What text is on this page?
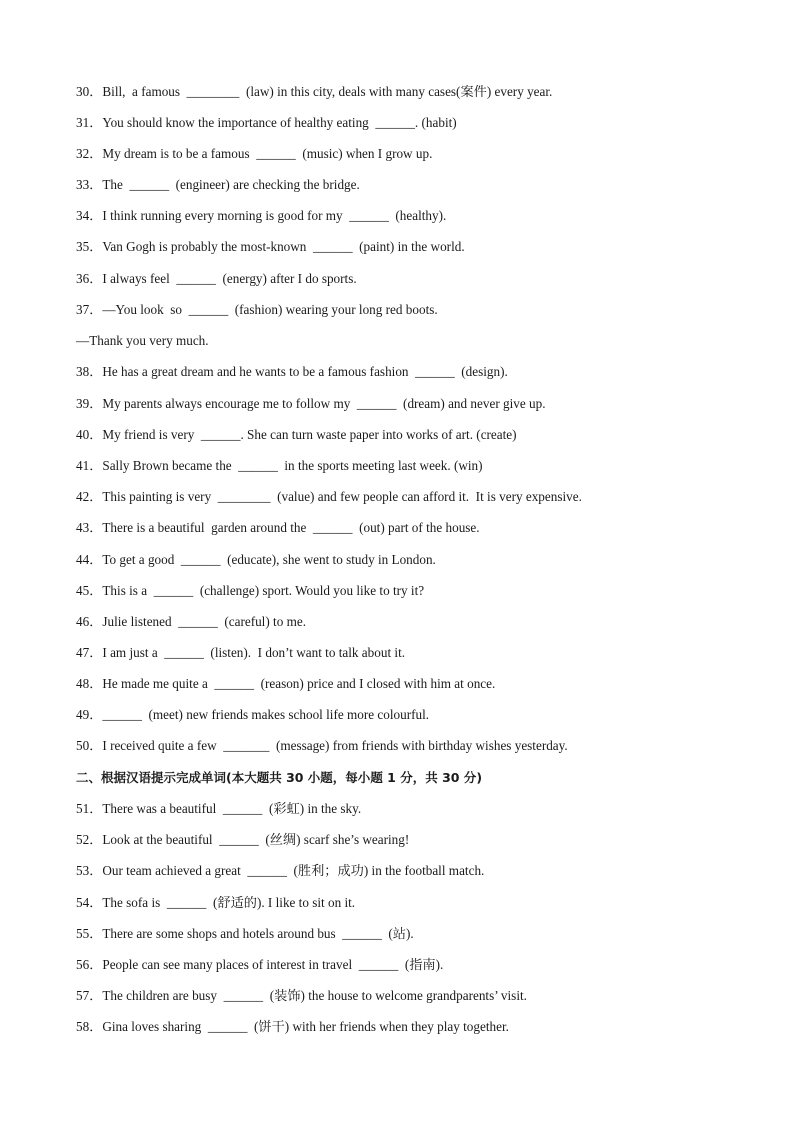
30．Bill,  a famous  ________  (law) in this city, deals with many cases(案件) every year.
31．You should know the importance of healthy eating  ______. (habit)
32．My dream is to be a famous  ______  (music) when I grow up.
33．The  ______  (engineer) are checking the bridge.
34．I think running every morning is good for my  ______  (healthy).
35．Van Gogh is probably the most-known  ______  (paint) in the world.
36．I always feel  ______  (energy) after I do sports.
37．—You look  so  ______  (fashion) wearing your long red boots.
—Thank you very much.
38．He has a great dream and he wants to be a famous fashion  ______  (design).
39．My parents always encourage me to follow my  ______  (dream) and never give up.
40．My friend is very  ______. She can turn waste paper into works of art. (create)
41．Sally Brown became the  ______  in the sports meeting last week. (win)
42．This painting is very  ________  (value) and few people can afford it.  It is very expensive.
43．There is a beautiful  garden around the  ______  (out) part of the house.
44．To get a good  ______  (educate), she went to study in London.
45．This is a  ______  (challenge) sport. Would you like to try it?
46．Julie listened  ______  (careful) to me.
47．I am just a  ______  (listen).  I don’t want to talk about it.
48．He made me quite a  ______  (reason) price and I closed with him at once.
49．______  (meet) new friends makes school life more colourful.
50．I received quite a few  _______  (message) from friends with birthday wishes yesterday.
二、根据汉语提示完成单词(本大题共 30 小题，每小题 1 分，共 30 分)
51．There was a beautiful  ______  (彩虹) in the sky.
52．Look at the beautiful  ______  (丝绸) scarf she’s wearing!
53．Our team achieved a great  ______  (胜利；成功) in the football match.
54．The sofa is  ______  (舒适的). I like to sit on it.
55．There are some shops and hotels around bus  ______  (站).
56．People can see many places of interest in travel  ______  (指南).
57．The children are busy  ______  (装饰) the house to welcome grandparents’ visit.
58．Gina loves sharing  ______  (饼干) with her friends when they play together.
